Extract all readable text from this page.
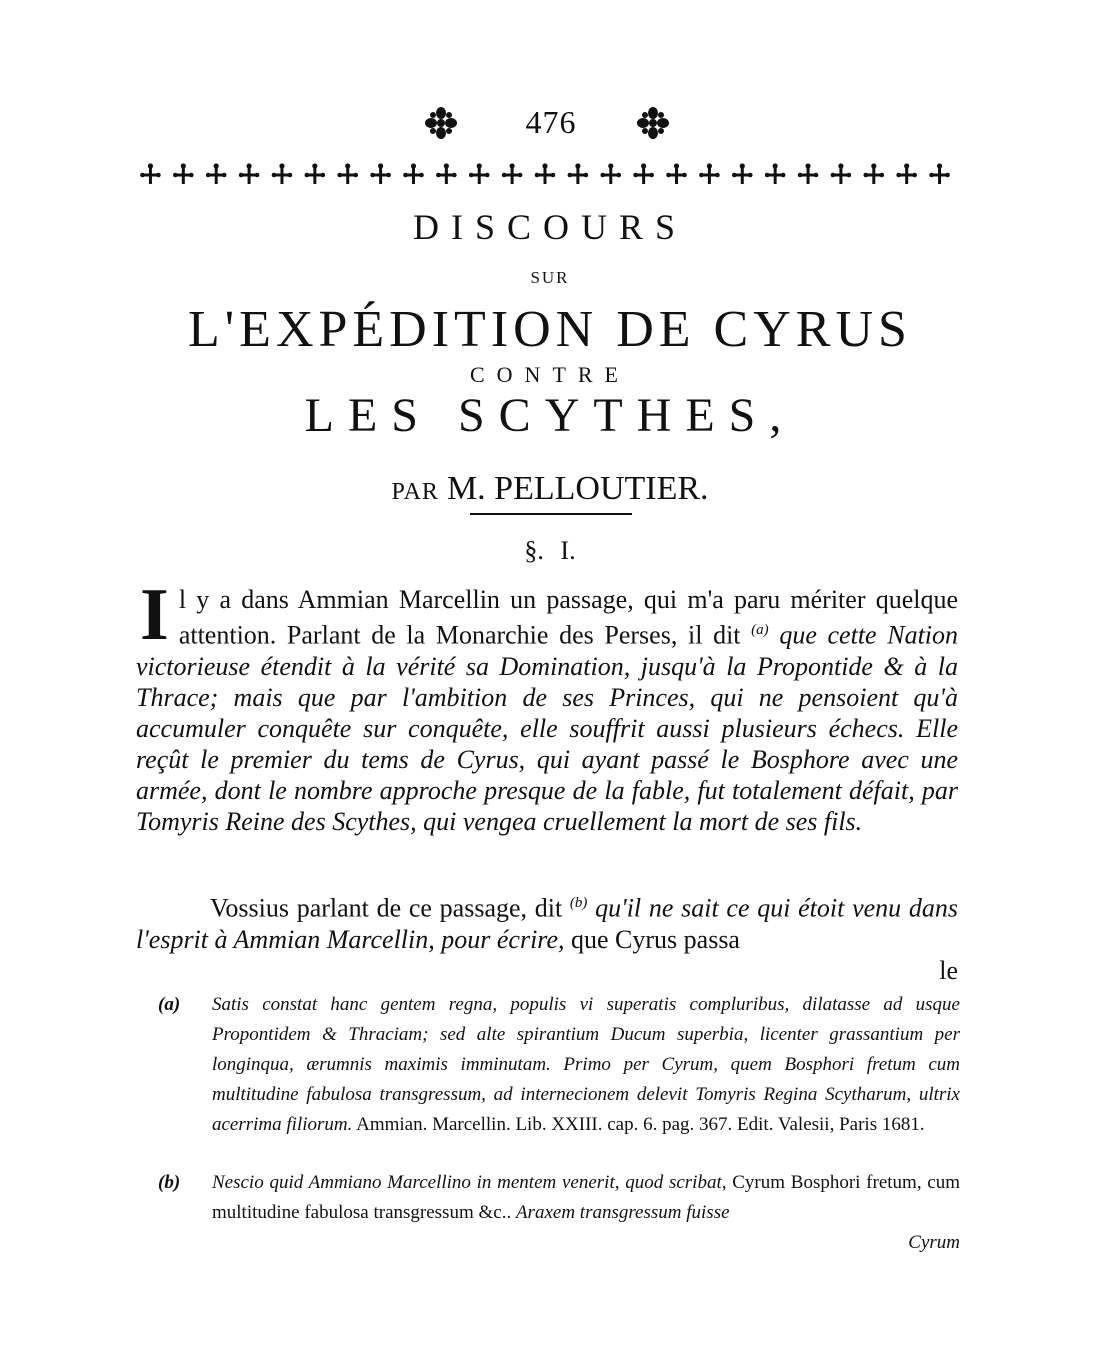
476
DISCOURS
SUR
L'EXPÉDITION DE CYRUS
CONTRE
LES SCYTHES,
PAR M. PELLOUTIER.
§. I.
I l y a dans Ammian Marcellin un passage, qui m'a paru mériter quelque attention. Parlant de la Monarchie des Perses, il dit $^{(a)}$ que cette Nation victorieuse étendit à la vérité sa Domination, jusqu'à la Propontide & à la Thrace; mais que par l'ambition de ses Princes, qui ne pensoient qu'à accumuler conquête sur conquête, elle souffrit aussi plusieurs échecs. Elle reçût le premier du tems de Cyrus, qui ayant passé le Bosphore avec une armée, dont le nombre approche presque de la fable, fut totalement défait, par Tomyris Reine des Scythes, qui vengea cruellement la mort de ses fils.
Vossius parlant de ce passage, dit $^{(b)}$ qu'il ne sait ce qui étoit venu dans l'esprit à Ammian Marcellin, pour écrire, que Cyrus passa
le
(a)	Satis constat hanc gentem regna, populis vi superatis compluribus, dilatasse ad usque Propontidem & Thraciam; sed alte spirantium Ducum superbia, licenter grassantium per longinqua, ærumnis maximis imminutam. Primo per Cyrum, quem Bosphori fretum cum multitudine fabulosa transgressum, ad internecionem delevit Tomyris Regina Scytharum, ultrix acerrima filiorum. Ammian. Marcellin. Lib. XXIII. cap. 6. pag. 367. Edit. Valesii, Paris 1681.
(b)	Nescio quid Ammiano Marcellino in mentem venerit, quod scribat, Cyrum Bosphori fretum, cum multitudine fabulosa transgressum &c.. Araxem transgressum fuisse
Cyrum
